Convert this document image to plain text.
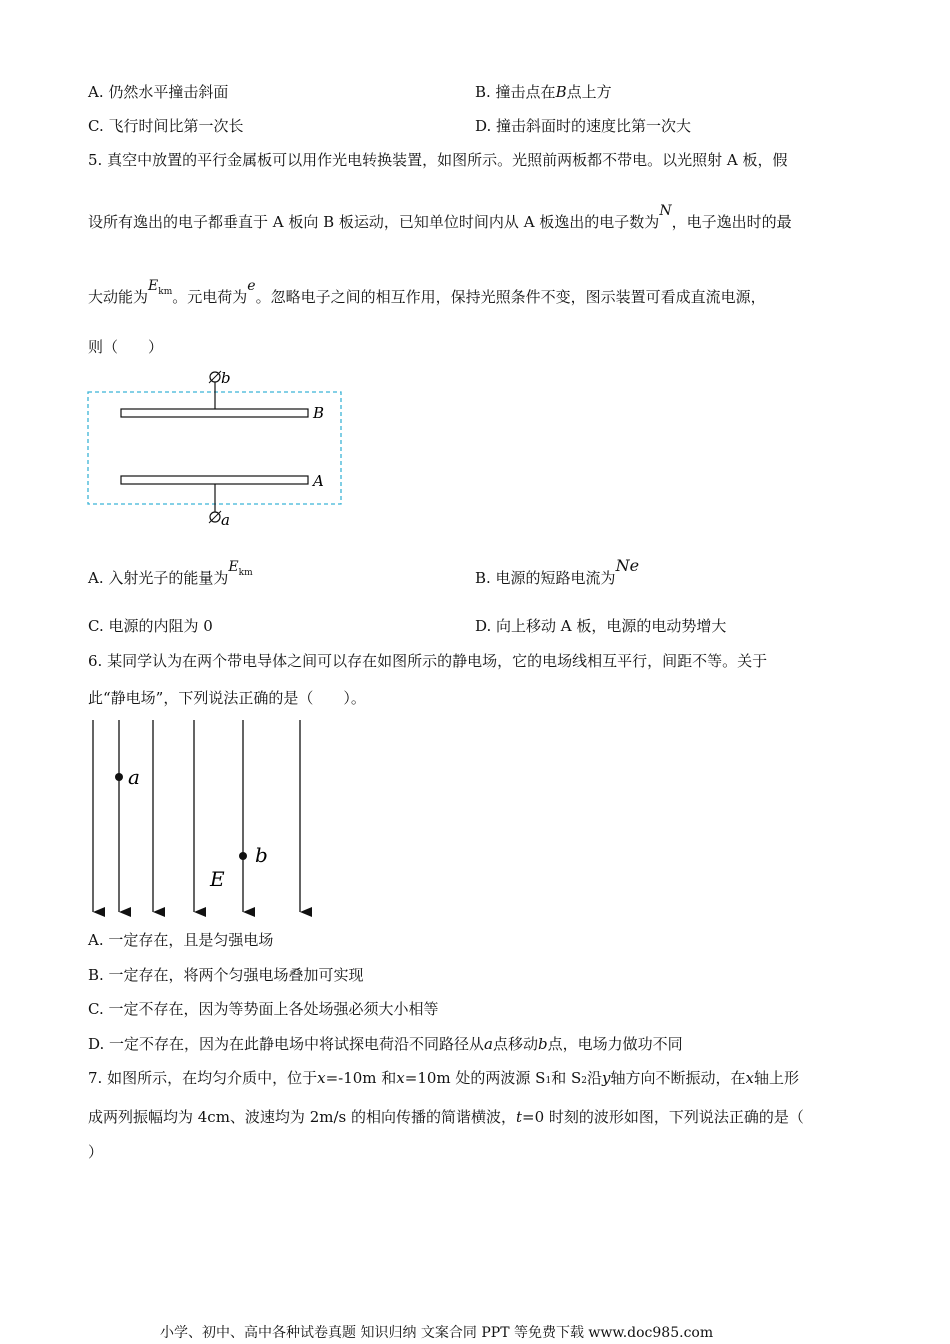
A. 仍然水平撞击斜面	B. 撞击点在B点上方
C. 飞行时间比第一次长	D. 撞击斜面时的速度比第一次大
5. 真空中放置的平行金属板可以用作光电转换装置，如图所示。光照前两板都不带电。以光照射 A 板，假
设所有逸出的电子都垂直于 A 板向 B 板运动，已知单位时间内从 A 板逸出的电子数为N，电子逸出时的最
大动能为$E^{km}$。元电荷为e。忽略电子之间的相互作用，保持光照条件不变，图示装置可看成直流电源，
则（　　）
b
B
A
a
A. 入射光子的能量为$E^{km}$	B. 电源的短路电流为Ne
C. 电源的内阻为 0	D. 向上移动 A 板，电源的电动势增大
6. 某同学认为在两个带电导体之间可以存在如图所示的静电场，它的电场线相互平行，间距不等。关于
此“静电场”，下列说法正确的是（　　）。
a
b
E
A. 一定存在，且是匀强电场
B. 一定存在，将两个匀强电场叠加可实现
C. 一定不存在，因为等势面上各处场强必须大小相等
D. 一定不存在，因为在此静电场中将试探电荷沿不同路径从a点移动b点，电场力做功不同
7. 如图所示，在均匀介质中，位于x=-10m 和x=10m 处的两波源 S1和 S2沿y轴方向不断振动，在x轴上形
成两列振幅均为 4cm、波速均为 2m/s 的相向传播的简谐横波，t=0 时刻的波形如图，下列说法正确的是（
）
小学、初中、高中各种试卷真题 知识归纳 文案合同 PPT 等免费下载 www.doc985.com
